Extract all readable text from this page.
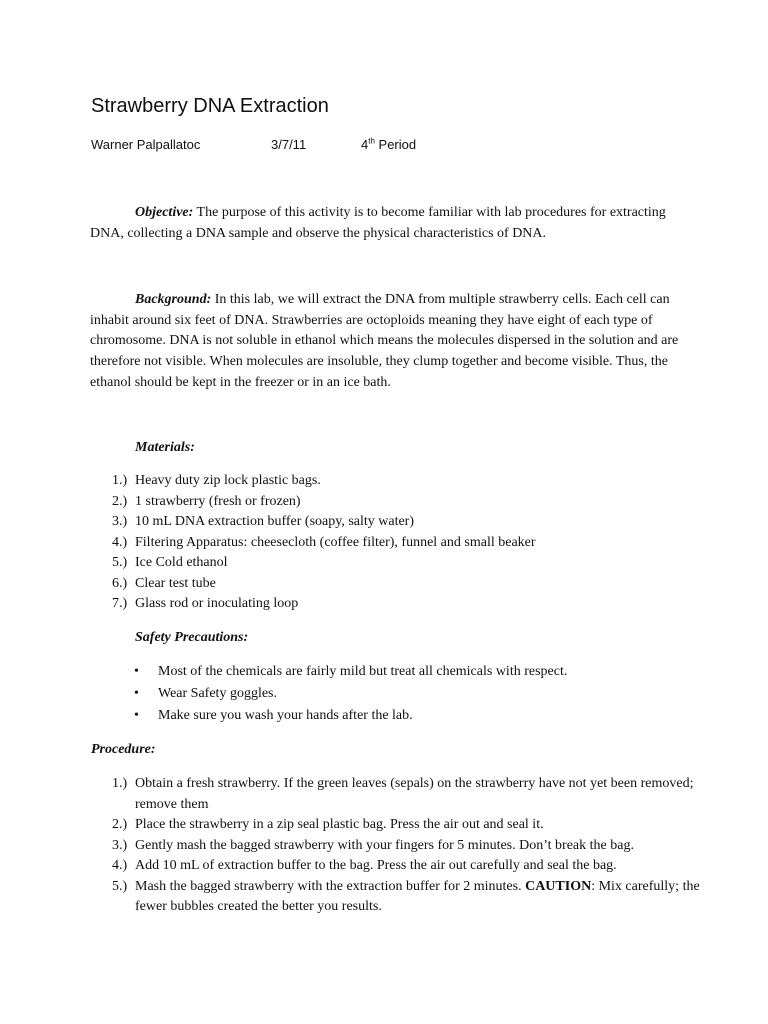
Strawberry DNA Extraction
Warner Palpallatoc	3/7/11	4th Period

Objective: The purpose of this activity is to become familiar with lab procedures for extracting DNA, collecting a DNA sample and observe the physical characteristics of DNA.

Background: In this lab, we will extract the DNA from multiple strawberry cells. Each cell can inhabit around six feet of DNA. Strawberries are octoploids meaning they have eight of each type of chromosome. DNA is not soluble in ethanol which means the molecules dispersed in the solution and are therefore not visible. When molecules are insoluble, they clump together and become visible. Thus, the ethanol should be kept in the freezer or in an ice bath.

Materials:

1.) Heavy duty zip lock plastic bags.
2.) 1 strawberry (fresh or frozen)
3.) 10 mL DNA extraction buffer (soapy, salty water)
4.) Filtering Apparatus: cheesecloth (coffee filter), funnel and small beaker
5.) Ice Cold ethanol
6.) Clear test tube
7.) Glass rod or inoculating loop

Safety Precautions:

•	Most of the chemicals are fairly mild but treat all chemicals with respect.
•	Wear Safety goggles.
•	Make sure you wash your hands after the lab.

Procedure:

1.) Obtain a fresh strawberry. If the green leaves (sepals) on the strawberry have not yet been removed; remove them
2.) Place the strawberry in a zip seal plastic bag. Press the air out and seal it.
3.) Gently mash the bagged strawberry with your fingers for 5 minutes. Don’t break the bag.
4.) Add 10 mL of extraction buffer to the bag. Press the air out carefully and seal the bag.
5.) Mash the bagged strawberry with the extraction buffer for 2 minutes. CAUTION: Mix carefully; the fewer bubbles created the better you results.
